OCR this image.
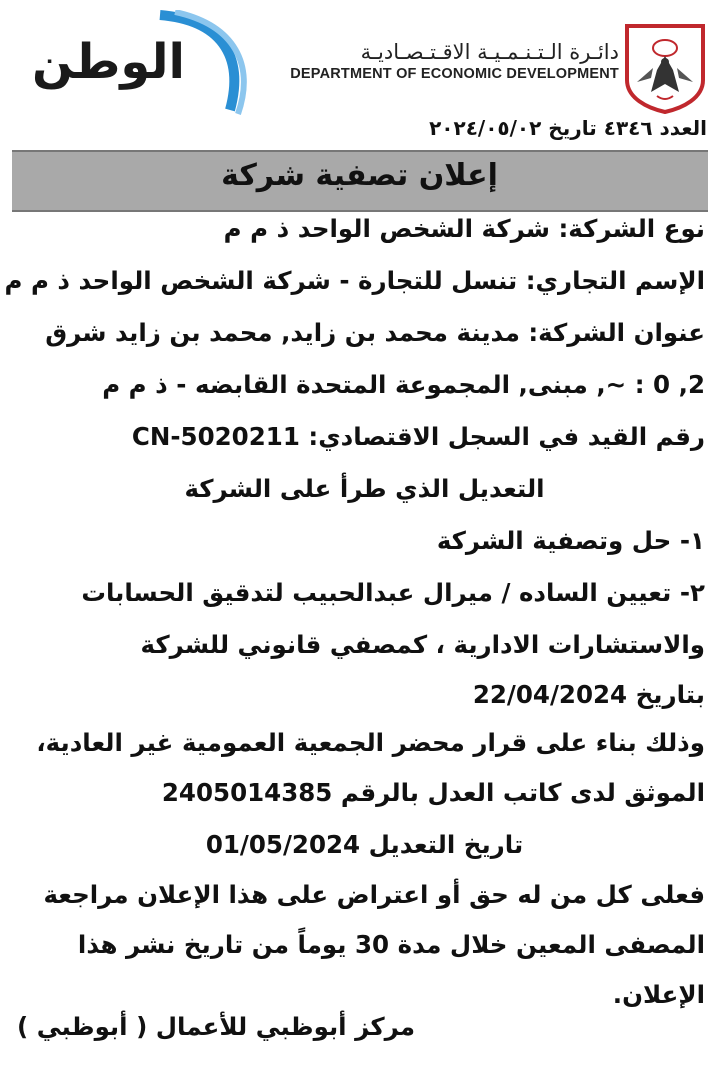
الوطن	دائـرة الـتـنـمـيـة الاقـتـصـاديـة
DEPARTMENT OF ECONOMIC DEVELOPMENT
العدد ٤٣٤٦ تاريخ ٢٠٢٤/٠٥/٠٢
إعلان تصفية شركة
نوع الشركة: شركة الشخص الواحد ذ م م
الإسم التجاري: تنسل للتجارة - شركة الشخص الواحد ذ م م
عنوان الشركة: مدينة محمد بن زايد, محمد بن زايد شرق
2, 0 : ~, مبنى, المجموعة المتحدة القابضه - ذ م م
رقم القيد في السجل الاقتصادي: CN-5020211
التعديل الذي طرأ على الشركة
١- حل وتصفية الشركة
٢- تعيين الساده / ميرال عبدالحبيب لتدقيق الحسابات
والاستشارات الادارية ، كمصفي قانوني للشركة
بتاريخ 22/04/2024
وذلك بناء على قرار محضر الجمعية العمومية غير العادية،
الموثق لدى كاتب العدل بالرقم 2405014385
تاريخ التعديل 01/05/2024
فعلى كل من له حق أو اعتراض على هذا الإعلان مراجعة
المصفى المعين خلال مدة 30 يوماً من تاريخ نشر هذا
الإعلان.
مركز أبوظبي للأعمال ( أبوظبي )
